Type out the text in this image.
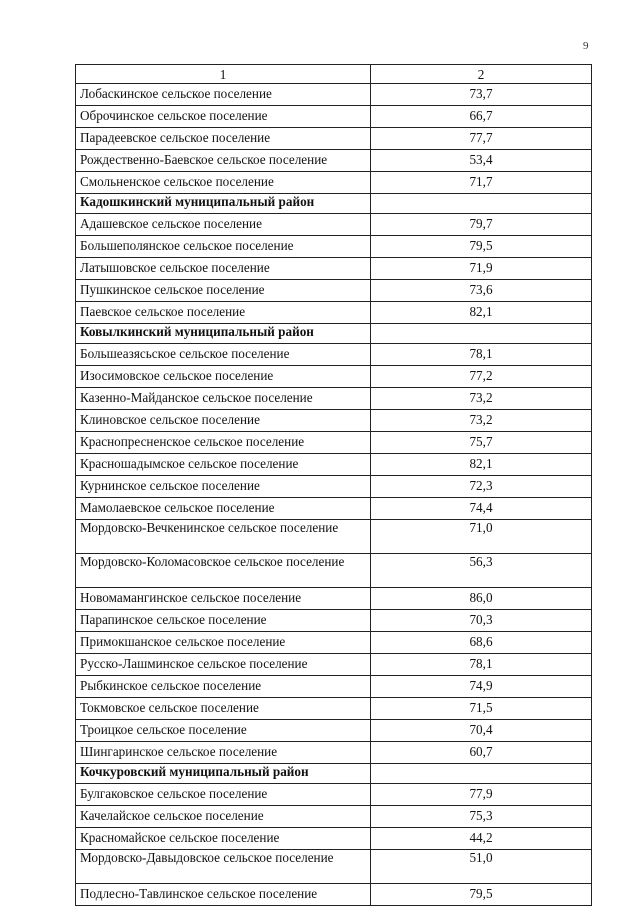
9
1	2
Лобаскинское сельское поселение	73,7
Оброчинское сельское поселение	66,7
Парадеевское сельское поселение	77,7
Рождественно-Баевское сельское поселение	53,4
Смольненское сельское поселение	71,7
Кадошкинский муниципальный район	
Адашевское сельское поселение	79,7
Большеполянское сельское поселение	79,5
Латышовское сельское поселение	71,9
Пушкинское сельское поселение	73,6
Паевское сельское поселение	82,1
Ковылкинский муниципальный район	
Большеазясьское сельское поселение	78,1
Изосимовское сельское поселение	77,2
Казенно-Майданское сельское поселение	73,2
Клиновское сельское поселение	73,2
Краснопресненское сельское поселение	75,7
Красношадымское сельское поселение	82,1
Курнинское сельское поселение	72,3
Мамолаевское сельское поселение	74,4
Мордовско-Вечкенинское сельское поселение	71,0
Мордовско-Коломасовское сельское поселение	56,3
Новомамангинское сельское поселение	86,0
Парапинское сельское поселение	70,3
Примокшанское сельское поселение	68,6
Русско-Лашминское сельское поселение	78,1
Рыбкинское сельское поселение	74,9
Токмовское сельское поселение	71,5
Троицкое сельское поселение	70,4
Шингаринское сельское поселение	60,7
Кочкуровский муниципальный район	
Булгаковское сельское поселение	77,9
Качелайское сельское поселение	75,3
Красномайское сельское поселение	44,2
Мордовско-Давыдовское сельское поселение	51,0
Подлесно-Тавлинское сельское поселение	79,5
